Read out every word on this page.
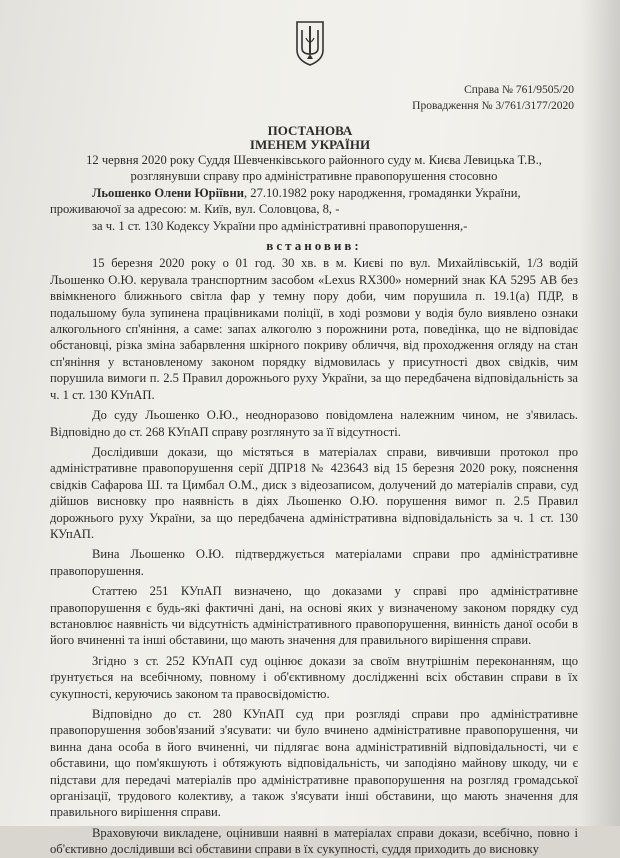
Справа № 761/9505/20
Провадження № 3/761/3177/2020
ПОСТАНОВА
ІМЕНЕМ УКРАЇНИ

12 червня 2020 року Суддя Шевченківського районного суду м. Києва Левицька Т.В.,

розглянувши справу про адміністративне правопорушення стосовно

Льошенко Олени Юріївни, 27.10.1982 року народження, громадянки України,

проживаючої за адресою: м. Київ, вул. Соловцова, 8, -

за ч. 1 ст. 130 Кодексу України про адміністративні правопорушення,-

встановив:

15 березня 2020 року о 01 год. 30 хв. в м. Києві по вул. Михайлівській, 1/3 водій Льошенко О.Ю. керувала транспортним засобом «Lexus RX300» номерний знак КА 5295 АВ без ввімкненого ближнього світла фар у темну пору доби, чим порушила п. 19.1(а) ПДР, в подальшому була зупинена працівниками поліції, в ході розмови у водія було виявлено ознаки алкогольного сп'яніння, а саме: запах алкоголю з порожнини рота, поведінка, що не відповідає обстановці, різка зміна забарвлення шкірного покриву обличчя, від проходження огляду на стан сп'яніння у встановленому законом порядку відмовилась у присутності двох свідків, чим порушила вимоги п. 2.5 Правил дорожнього руху України, за що передбачена відповідальність за ч. 1 ст. 130 КУпАП.

До суду Льошенко О.Ю., неодноразово повідомлена належним чином, не з'явилась. Відповідно до ст. 268 КУпАП справу розглянуто за її відсутності.

Дослідивши докази, що містяться в матеріалах справи, вивчивши протокол про адміністративне правопорушення серії ДПР18 № 423643 від 15 березня 2020 року, пояснення свідків Сафарова Ш. та Цимбал О.М., диск з відеозаписом, долучений до матеріалів справи, суд дійшов висновку про наявність в діях Льошенко О.Ю. порушення вимог п. 2.5 Правил дорожнього руху України, за що передбачена адміністративна відповідальність за ч. 1 ст. 130 КУпАП.

Вина Льошенко О.Ю. підтверджується матеріалами справи про адміністративне правопорушення.

Статтею 251 КУпАП визначено, що доказами у справі про адміністративне правопорушення є будь-які фактичні дані, на основі яких у визначеному законом порядку суд встановлює наявність чи відсутність адміністративного правопорушення, винність даної особи в його вчиненні та інші обставини, що мають значення для правильного вирішення справи.

Згідно з ст. 252 КУпАП суд оцінює докази за своїм внутрішнім переконанням, що ґрунтується на всебічному, повному і об'єктивному дослідженні всіх обставин справи в їх сукупності, керуючись законом та правосвідомістю.

Відповідно до ст. 280 КУпАП суд при розгляді справи про адміністративне правопорушення зобов'язаний з'ясувати: чи було вчинено адміністративне правопорушення, чи винна дана особа в його вчиненні, чи підлягає вона адміністративній відповідальності, чи є обставини, що пом'якшують і обтяжують відповідальність, чи заподіяно майнову шкоду, чи є підстави для передачі матеріалів про адміністративне правопорушення на розгляд громадської організації, трудового колективу, а також з'ясувати інші обставини, що мають значення для правильного вирішення справи.

Враховуючи викладене, оцінивши наявні в матеріалах справи докази, всебічно, повно і об'єктивно дослідивши всі обставини справи в їх сукупності, суддя приходить до висновку
